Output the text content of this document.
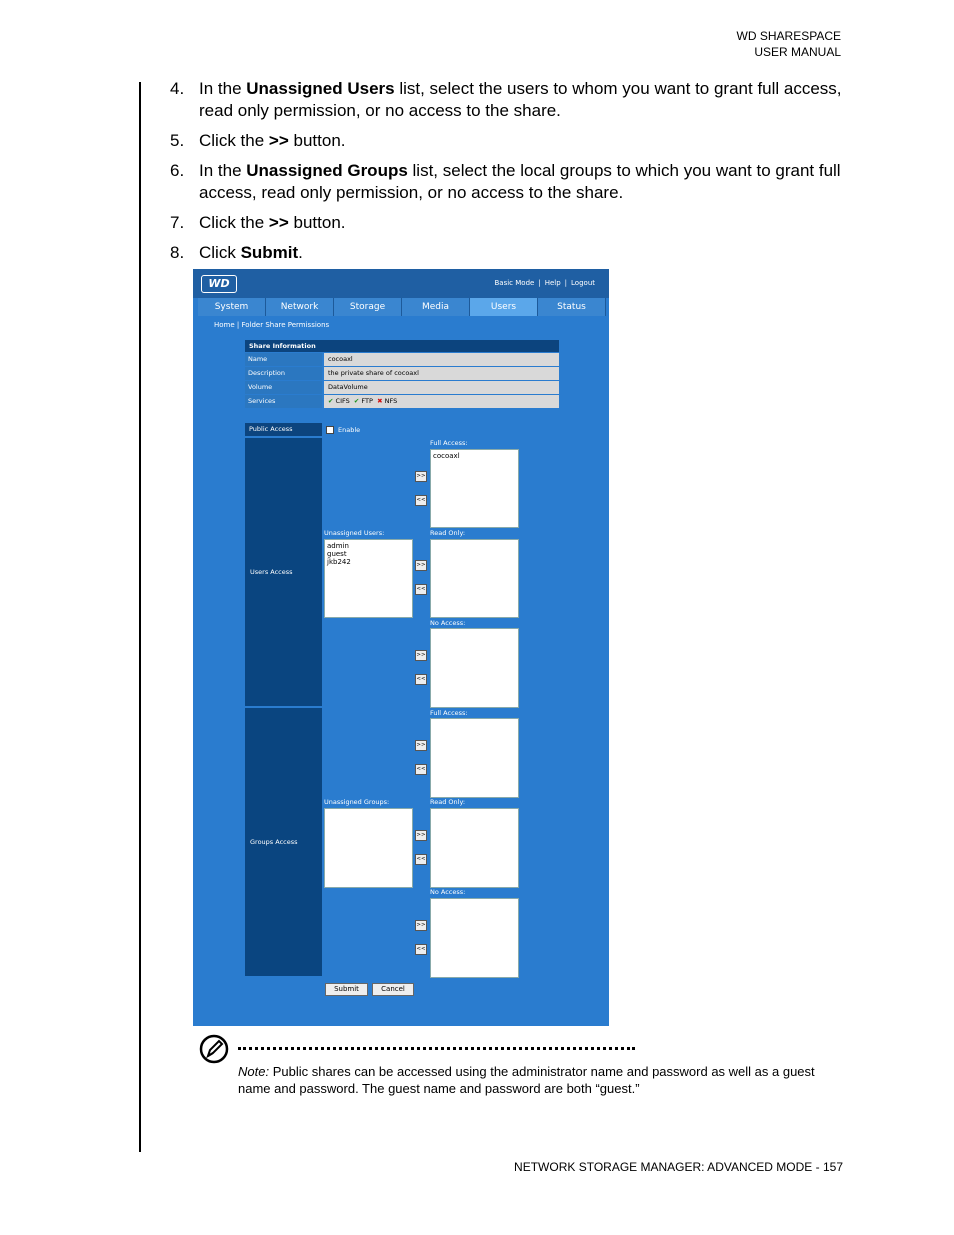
WD SHARESPACE
USER MANUAL
4. In the Unassigned Users list, select the users to whom you want to grant full access, read only permission, or no access to the share.
5. Click the >> button.
6. In the Unassigned Groups list, select the local groups to which you want to grant full access, read only permission, or no access to the share.
7. Click the >> button.
8. Click Submit.
WD	Basic Mode | Help | Logout
System	Network	Storage	Media	Users	Status
Home | Folder Share Permissions
Share Information
Name	cocoaxl
Description	the private share of cocoaxl
Volume	DataVolume
Services	✔ CIFS ✔ FTP ✖ NFS
Public Access	Enable
Users Access
Groups Access
Full Access:
cocoaxl
>>
<<
Unassigned Users:
admin
guest
jkb242
Read Only:
>>
<<
No Access:
>>
<<
Full Access:
>>
<<
Unassigned Groups:	Read Only:
>>
<<
No Access:
>>
<<
Submit	Cancel
Note: Public shares can be accessed using the administrator name and password as well as a guest name and password. The guest name and password are both “guest.”
NETWORK STORAGE MANAGER: ADVANCED MODE - 157
